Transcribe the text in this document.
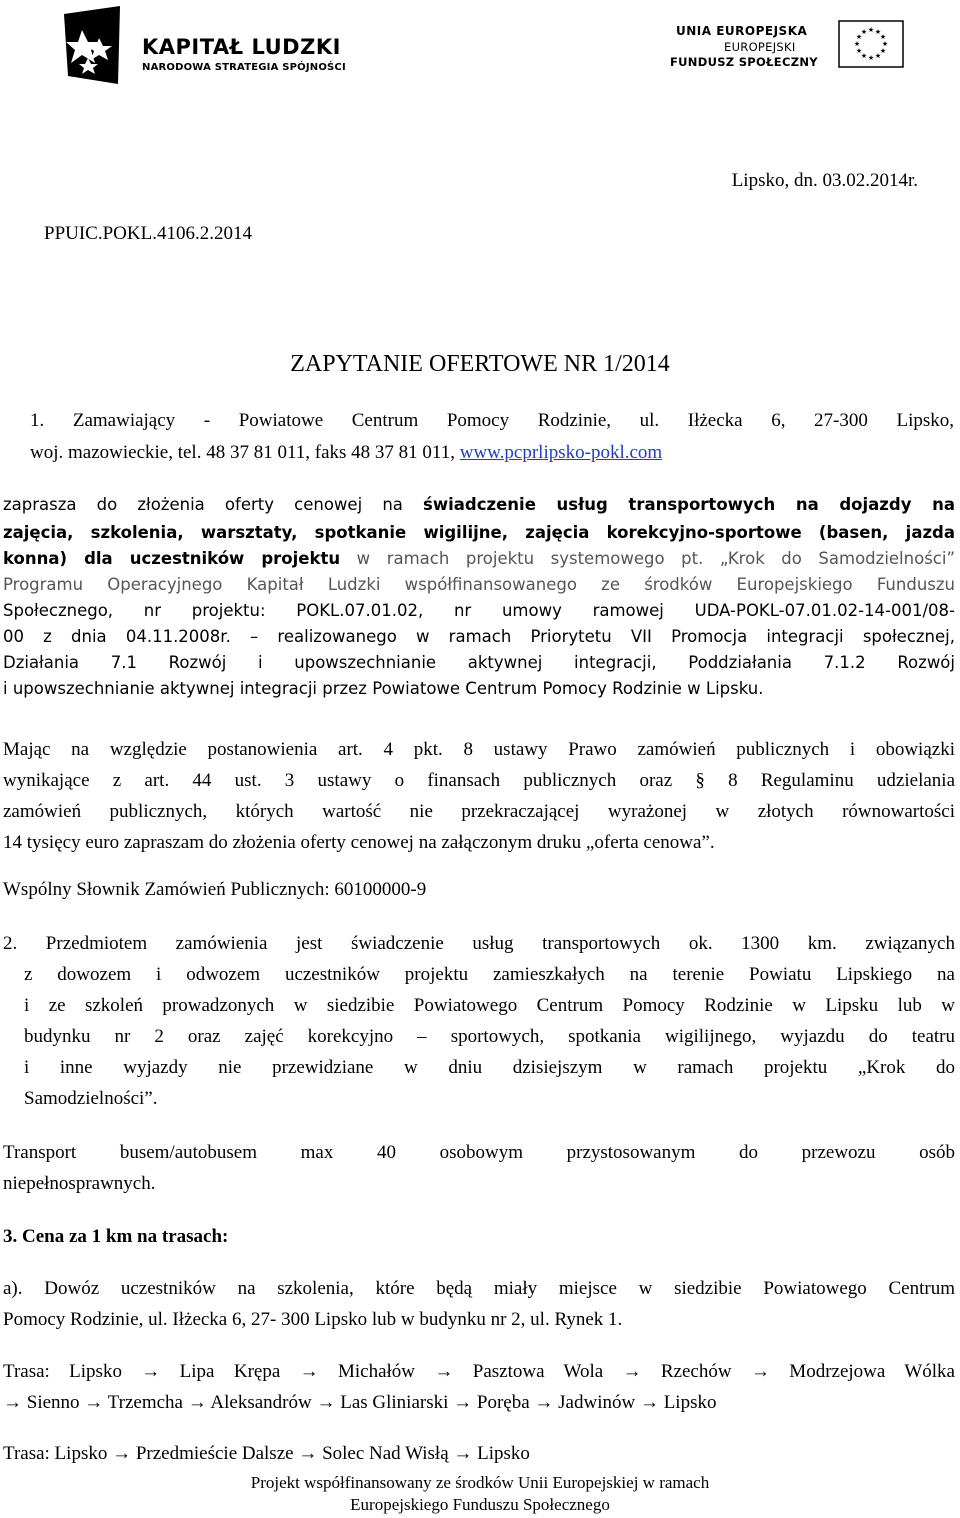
KAPITAŁ LUDZKI
NARODOWA STRATEGIA SPÓJNOŚCI
UNIA EUROPEJSKA
EUROPEJSKI
FUNDUSZ SPOŁECZNY
★ ★
★
★
★
★
★
★
★
★
★
★
Lipsko, dn. 03.02.2014r.
PPUIC.POKL.4106.2.2014
ZAPYTANIE OFERTOWE NR 1/2014
1. Zamawiający - Powiatowe Centrum Pomocy Rodzinie, ul. Iłżecka 6, 27-300 Lipsko,
woj. mazowieckie, tel. 48 37 81 011, faks 48 37 81 011, www.pcprlipsko-pokl.com
zaprasza do złożenia oferty cenowej na świadczenie usług transportowych na dojazdy na
zajęcia, szkolenia, warsztaty, spotkanie wigilijne, zajęcia korekcyjno-sportowe (basen, jazda
konna) dla uczestników projektu w ramach projektu systemowego pt. „Krok do Samodzielności”
Programu Operacyjnego Kapitał Ludzki współfinansowanego ze środków Europejskiego Funduszu
Społecznego, nr projektu: POKL.07.01.02, nr umowy ramowej UDA-POKL-07.01.02-14-001/08-
00 z dnia 04.11.2008r. – realizowanego w ramach Priorytetu VII Promocja integracji społecznej,
Działania 7.1 Rozwój i upowszechnianie aktywnej integracji, Poddziałania 7.1.2 Rozwój
i upowszechnianie aktywnej integracji przez Powiatowe Centrum Pomocy Rodzinie w Lipsku.
Mając na względzie postanowienia art. 4 pkt. 8 ustawy Prawo zamówień publicznych i obowiązki
wynikające z art. 44 ust. 3 ustawy o finansach publicznych oraz § 8 Regulaminu udzielania
zamówień publicznych, których wartość nie przekraczającej wyrażonej w złotych równowartości
14 tysięcy euro zapraszam do złożenia oferty cenowej na załączonym druku „oferta cenowa”.
Wspólny Słownik Zamówień Publicznych: 60100000-9
2. Przedmiotem zamówienia jest świadczenie usług transportowych ok. 1300 km. związanych
z dowozem i odwozem uczestników projektu zamieszkałych na terenie Powiatu Lipskiego na
i ze szkoleń prowadzonych w siedzibie Powiatowego Centrum Pomocy Rodzinie w Lipsku lub w
budynku nr 2 oraz zajęć korekcyjno – sportowych, spotkania wigilijnego, wyjazdu do teatru
i inne wyjazdy nie przewidziane w dniu dzisiejszym w ramach projektu „Krok do
Samodzielności”.
Transport busem/autobusem max 40 osobowym przystosowanym do przewozu osób
niepełnosprawnych.
3. Cena za 1 km na trasach:
a). Dowóz uczestników na szkolenia, które będą miały miejsce w siedzibie Powiatowego Centrum
Pomocy Rodzinie, ul. Iłżecka 6, 27- 300 Lipsko lub w budynku nr 2, ul. Rynek 1.
Trasa: Lipsko → Lipa Krępa → Michałów → Pasztowa Wola → Rzechów → Modrzejowa Wólka
→ Sienno → Trzemcha → Aleksandrów → Las Gliniarski → Poręba → Jadwinów → Lipsko
Trasa: Lipsko → Przedmieście Dalsze → Solec Nad Wisłą → Lipsko
Projekt współfinansowany ze środków Unii Europejskiej w ramach
Europejskiego Funduszu Społecznego
